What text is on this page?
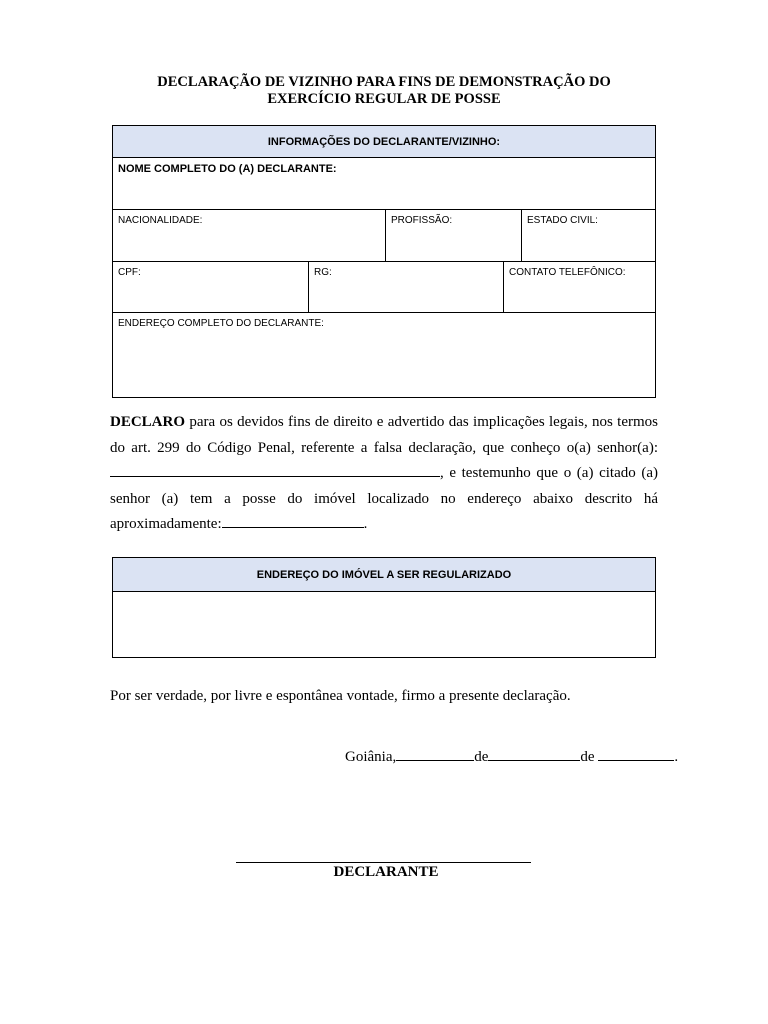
DECLARAÇÃO DE VIZINHO PARA FINS DE DEMONSTRAÇÃO DO
EXERCÍCIO REGULAR DE POSSE
INFORMAÇÕES DO DECLARANTE/VIZINHO:
NOME COMPLETO DO (A) DECLARANTE:
NACIONALIDADE:	PROFISSÃO:	ESTADO CIVIL:
CPF:	RG:	CONTATO TELEFÔNICO:
ENDEREÇO COMPLETO DO DECLARANTE:
DECLARO para os devidos fins de direito e advertido das implicações legais, nos termos do art. 299 do Código Penal, referente a falsa declaração, que conheço o(a) senhor(a):, e testemunho que o (a) citado (a) senhor (a) tem a posse do imóvel localizado no endereço abaixo descrito há aproximadamente:	.
ENDEREÇO DO IMÓVEL A SER REGULARIZADO
Por ser verdade, por livre e espontânea vontade, firmo a presente declaração.
Goiânia,	de	de	.
DECLARANTE
